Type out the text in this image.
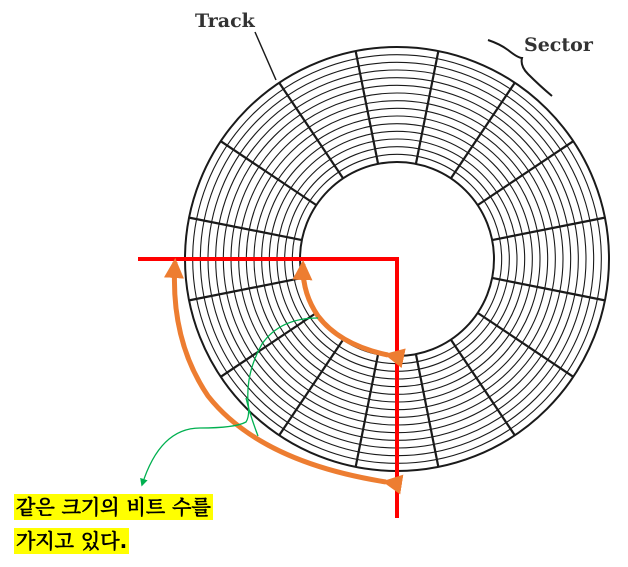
Track
Sector
같은 크기의 비트 수를
가지고 있다.
